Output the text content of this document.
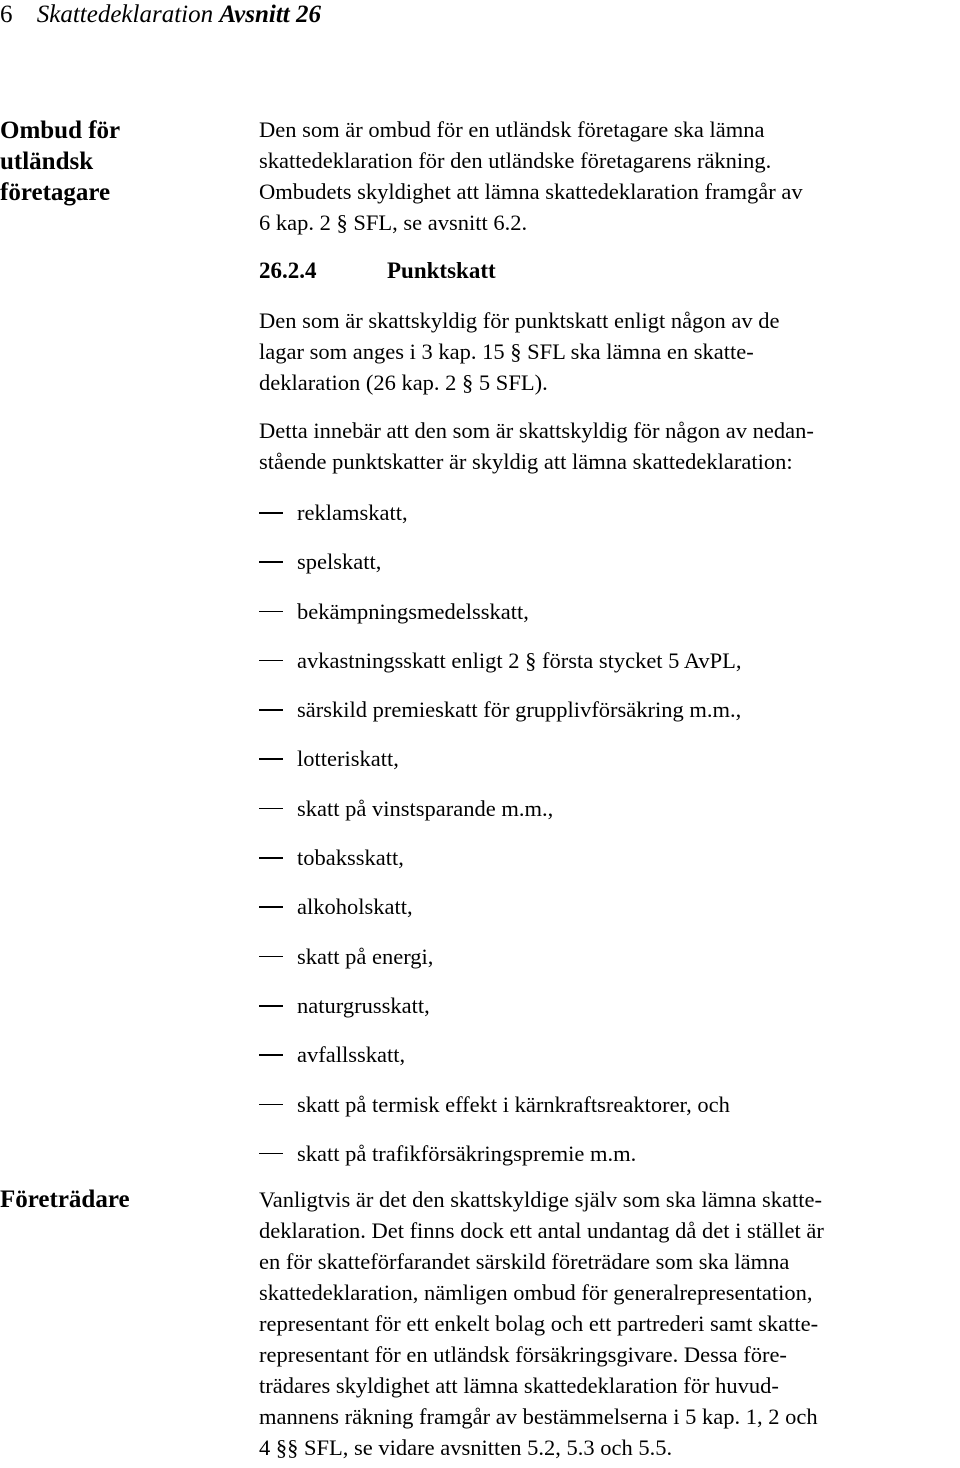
6 Skattedeklaration Avsnitt 26
Ombud för
utländsk
företagare
Den som är ombud för en utländsk företagare ska lämna
skattedeklaration för den utländske företagarens räkning.
Ombudets skyldighet att lämna skattedeklaration framgår av
6 kap. 2 § SFL, se avsnitt 6.2.
26.2.4	Punktskatt
Den som är skattskyldig för punktskatt enligt någon av de
lagar som anges i 3 kap. 15 § SFL ska lämna en skatte-
deklaration (26 kap. 2 § 5 SFL).
Detta innebär att den som är skattskyldig för någon av nedan-
stående punktskatter är skyldig att lämna skattedeklaration:
reklamskatt,
spelskatt,
bekämpningsmedelsskatt,
avkastningsskatt enligt 2 § första stycket 5 AvPL,
särskild premieskatt för grupplivförsäkring m.m.,
lotteriskatt,
skatt på vinstsparande m.m.,
tobaksskatt,
alkoholskatt,
skatt på energi,
naturgrusskatt,
avfallsskatt,
skatt på termisk effekt i kärnkraftsreaktorer, och
skatt på trafikförsäkringspremie m.m.
Företrädare	Vanligtvis är det den skattskyldige själv som ska lämna skatte-
deklaration. Det finns dock ett antal undantag då det i stället är
en för skatteförfarandet särskild företrädare som ska lämna
skattedeklaration, nämligen ombud för generalrepresentation,
representant för ett enkelt bolag och ett partrederi samt skatte-
representant för en utländsk försäkringsgivare. Dessa före-
trädares skyldighet att lämna skattedeklaration för huvud-
mannens räkning framgår av bestämmelserna i 5 kap. 1, 2 och
4 §§ SFL, se vidare avsnitten 5.2, 5.3 och 5.5.
